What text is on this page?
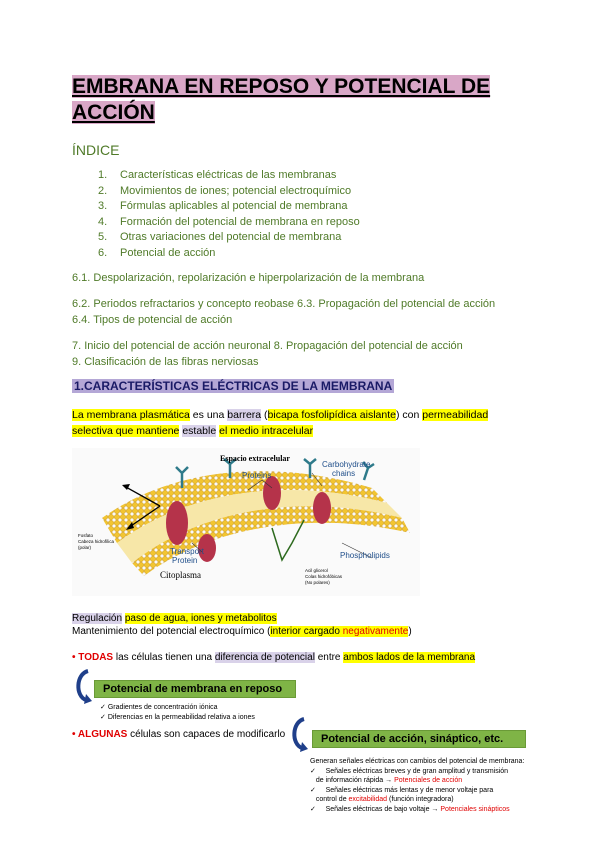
EMBRANA EN REPOSO Y POTENCIAL DE ACCIÓN
ÍNDICE
1.	Características eléctricas de las membranas
2.	Movimientos de iones; potencial electroquímico
3.	Fórmulas aplicables al potencial de membrana
4.	Formación del potencial de membrana en reposo
5.	Otras variaciones del potencial de membrana
6.	Potencial de acción
6.1. Despolarización, repolarización e hiperpolarización de la membrana
6.2. Periodos refractarios y concepto reobase 6.3. Propagación del potencial de acción
6.4. Tipos de potencial de acción
7. Inicio del potencial de acción neuronal 8. Propagación del potencial de acción
9. Clasificación de las fibras nerviosas
1.CARACTERÍSTICAS ELÉCTRICAS DE LA MEMBRANA
La membrana plasmática es una barrera (bicapa fosfolipídica aislante) con permeabilidad
selectiva que mantiene estable el medio intracelular
Espacio extracelular
Carbohydrate
chains
Proteins
Phospholipids
Transport
Protein
Citoplasma
Fosfato
Cabeza hidrofílica
(polar)
Acil glicerol
Colas hidrofóbicas
(No polares)
Regulación paso de agua, iones y metabolitos
Mantenimiento del potencial electroquímico (interior cargado negativamente)
• TODAS las células tienen una diferencia de potencial entre ambos lados de la membrana
Potencial de membrana en reposo
✓ Gradientes de concentración iónica
✓ Diferencias en la permeabilidad relativa a iones
• ALGUNAS células son capaces de modificarlo	Potencial de acción, sináptico, etc.
Generan señales eléctricas con cambios del potencial de membrana:
✓     Señales eléctricas breves y de gran amplitud y transmisión
de información rápida → Potenciales de acción
✓     Señales eléctricas más lentas y de menor voltaje para
control de excitabilidad (función integradora)
✓     Señales eléctricas de bajo voltaje → Potenciales sinápticos
